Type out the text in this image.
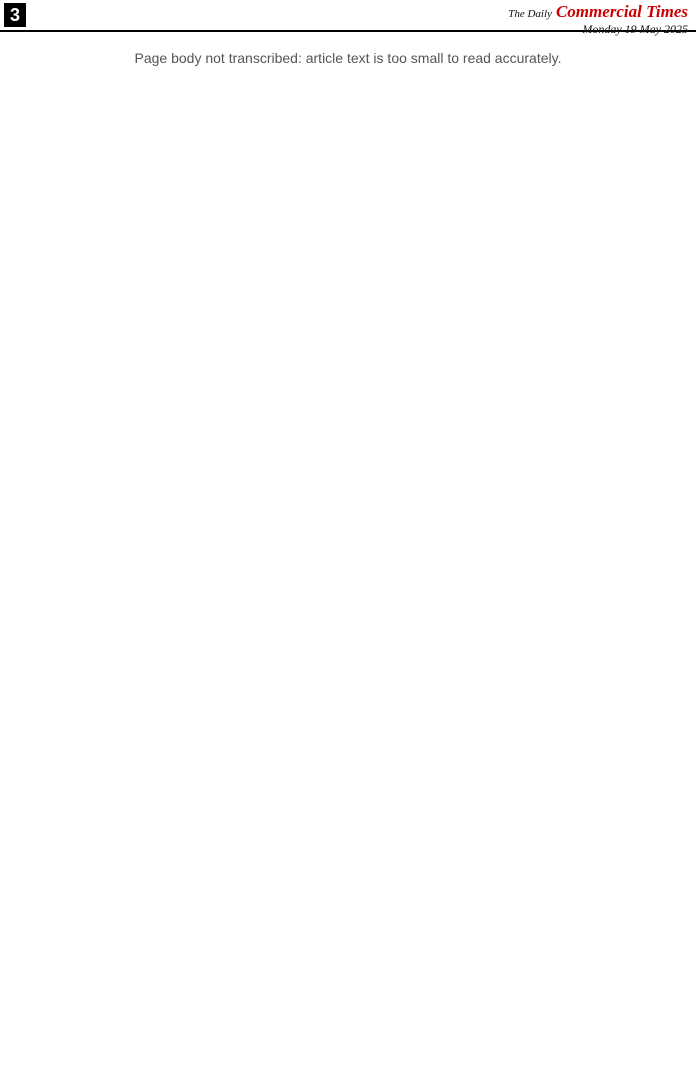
3	The Daily Commercial Times
Monday 19 May 2025
Page body not transcribed: article text is too small to read accurately.
